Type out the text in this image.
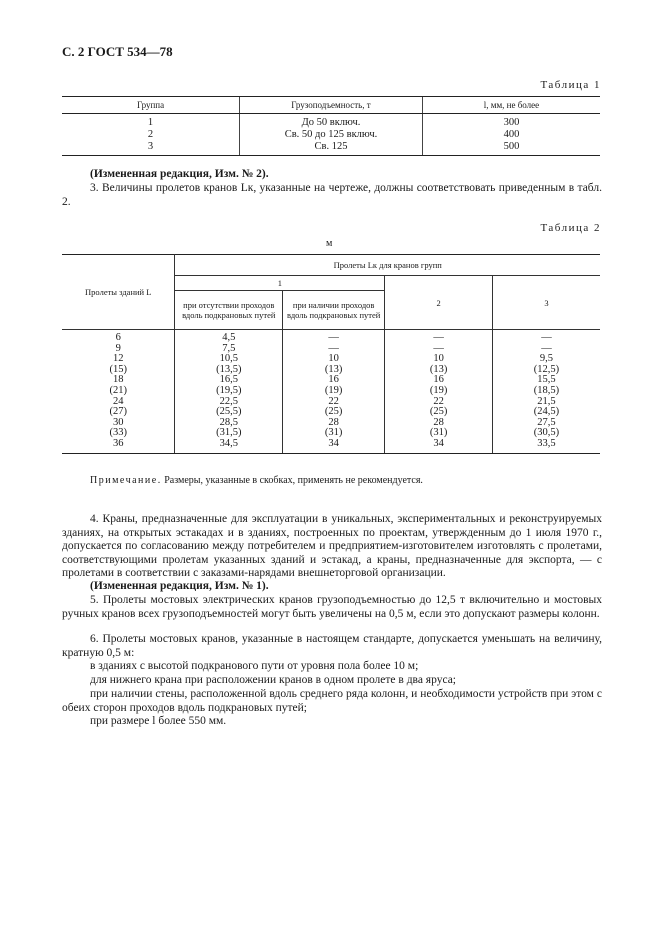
С. 2 ГОСТ 534—78
Таблица 1
Группа	Грузоподъемность, т	l, мм, не более
1	До 50 включ.	300
2	Св. 50 до 125 включ.	400
3	Св. 125	500
(Измененная редакция, Изм. № 2).
3. Величины пролетов кранов Lк, указанные на чертеже, должны соответствовать приведенным в табл. 2.
Таблица 2
м
Пролеты зданий L	Пролеты Lк для кранов групп			
	1		2	3
	при отсутствии проходов вдоль подкрановых путей	при наличии проходов вдоль подкрановых путей		
6	4,5	—	—	—
9	7,5	—	—	—
12	10,5	10	10	9,5
(15)	(13,5)	(13)	(13)	(12,5)
18	16,5	16	16	15,5
(21)	(19,5)	(19)	(19)	(18,5)
24	22,5	22	22	21,5
(27)	(25,5)	(25)	(25)	(24,5)
30	28,5	28	28	27,5
(33)	(31,5)	(31)	(31)	(30,5)
36	34,5	34	34	33,5
Примечание. Размеры, указанные в скобках, применять не рекомендуется.
4. Краны, предназначенные для эксплуатации в уникальных, экспериментальных и реконструируемых зданиях, на открытых эстакадах и в зданиях, построенных по проектам, утвержденным до 1 июля 1970 г., допускается по согласованию между потребителем и предприятием-изготовителем изготовлять с пролетами, соответствующими пролетам указанных зданий и эстакад, а краны, предназначенные для экспорта, — с пролетами в соответствии с заказами-нарядами внешнеторговой организации.
(Измененная редакция, Изм. № 1).
5. Пролеты мостовых электрических кранов грузоподъемностью до 12,5 т включительно и мостовых ручных кранов всех грузоподъемностей могут быть увеличены на 0,5 м, если это допускают размеры колонн.
6. Пролеты мостовых кранов, указанные в настоящем стандарте, допускается уменьшать на величину, кратную 0,5 м:
в зданиях с высотой подкранового пути от уровня пола более 10 м;
для нижнего крана при расположении кранов в одном пролете в два яруса;
при наличии стены, расположенной вдоль среднего ряда колонн, и необходимости устройств при этом с обеих сторон проходов вдоль подкрановых путей;
при размере l более 550 мм.
